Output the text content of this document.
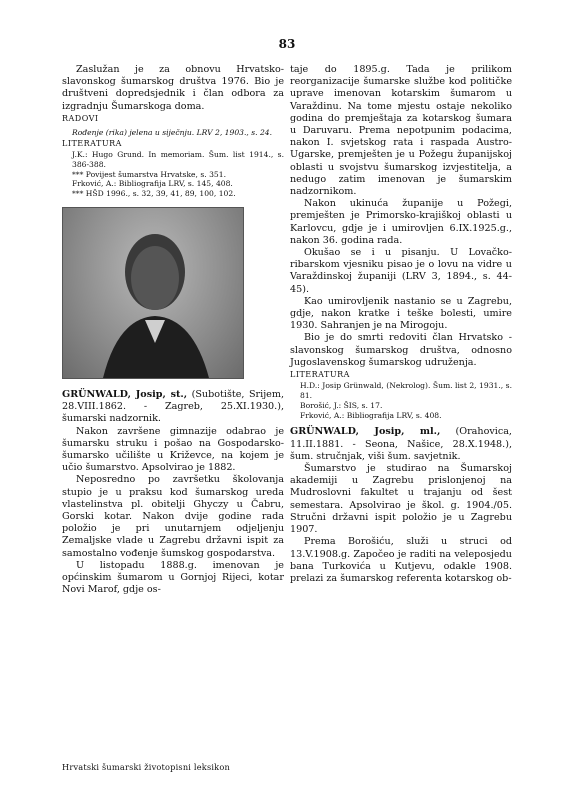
83

Zaslužan je za obnovu Hrvatsko-slavonskog šumarskog društva 1976. Bio je društveni dopredsjednik i član odbora za izgradnju Šumarskoga doma.

RADOVI

Rođenje (rika) jelena u siječnju. LRV 2, 1903., s. 24.

LITERATURA

J.K.: Hugo Grund. In memoriam. Šum. list 1914., s. 386-388.

*** Povijest šumarstva Hrvatske, s. 351.

Frković, A.: Bibliografija LRV, s. 145, 408.

*** HŠD 1996., s. 32, 39, 41, 89, 100, 102.

GRÜNWALD, Josip, st., (Subotište, Srijem, 28.VIII.1862. - Zagreb, 25.XI.1930.), šumarski nadzornik.

Nakon završene gimnazije odabrao je šumarsku struku i pošao na Gospodarsko-šumarsko učilište u Križevce, na kojem je učio šumarstvo. Apsolvirao je 1882.

Neposredno po završetku školovanja stupio je u praksu kod šumarskog ureda vlastelinstva pl. obitelji Ghyczy u Čabru, Gorski kotar. Nakon dvije godine rada položio je pri unutarnjem odjeljenju Zemaljske vlade u Zagrebu državni ispit za samostalno vođenje šumskog gospodarstva.

U listopadu 1888.g. imenovan je općinskim šumarom u Gornjoj Rijeci, kotar Novi Marof, gdje os-

taje do 1895.g. Tada je prilikom reorganizacije šumarske službe kod političke uprave imenovan kotarskim šumarom u Varaždinu. Na tome mjestu ostaje nekoliko godina do premještaja za kotarskog šumara u Daruvaru. Prema nepotpunim podacima, nakon I. svjetskog rata i raspada Austro-Ugarske, premješten je u Požegu županijskoj oblasti u svojstvu šumarskog izvjestitelja, a nedugo zatim imenovan je šumarskim nadzornikom.

Nakon ukinuća županije u Požegi, premješten je Primorsko-krajiškoj oblasti u Karlovcu, gdje je i umirovljen 6.IX.1925.g., nakon 36. godina rada.

Okušao se i u pisanju. U Lovačko-ribarskom vjesniku pisao je o lovu na vidre u Varaždinskoj županiji (LRV 3, 1894., s. 44-45).

Kao umirovljenik nastanio se u Zagrebu, gdje, nakon kratke i teške bolesti, umire 1930. Sahranjen je na Mirogoju.

Bio je do smrti redoviti član Hrvatsko - slavonskog šumarskog društva, odnosno Jugoslavenskog šumarskog udruženja.

LITERATURA

H.D.: Josip Grünwald, (Nekrolog). Šum. list 2, 1931., s. 81.

Borošić, J.: ŠIS, s. 17.

Frković, A.: Bibliografija LRV, s. 408.

GRÜNWALD, Josip, ml., (Orahovica, 11.II.1881. - Seona, Našice, 28.X.1948.), šum. stručnjak, viši šum. savjetnik.

Šumarstvo je studirao na Šumarskoj akademiji u Zagrebu prislonjenoj na Mudroslovni fakultet u trajanju od šest semestara. Apsolvirao je škol. g. 1904./05. Stručni državni ispit položio je u Zagrebu 1907.

Prema Borošiću, služi u struci od 13.V.1908.g. Započeo je raditi na veleposjedu bana Turkovića u Kutjevu, odakle 1908. prelazi za šumarskog referenta kotarskog ob-

Hrvatski šumarski životopisni leksikon
